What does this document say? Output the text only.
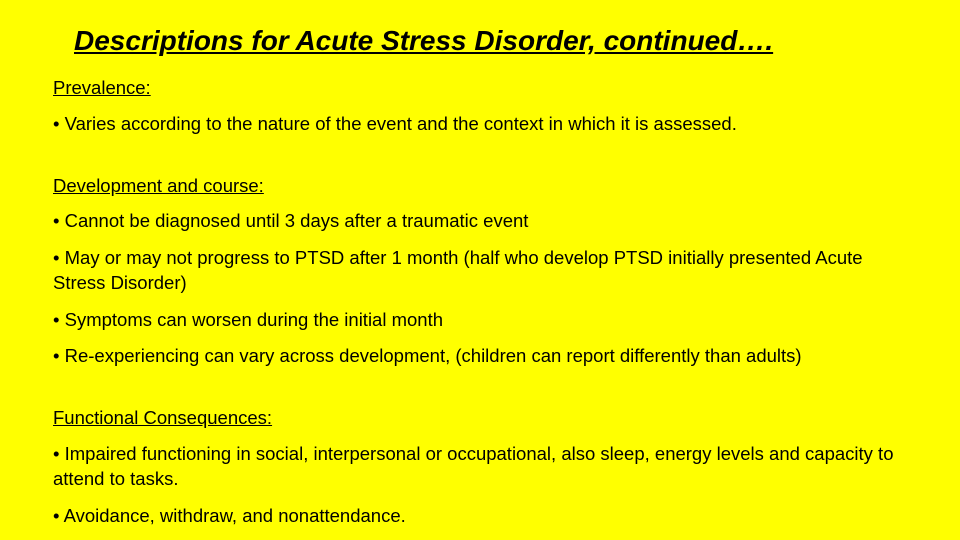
Descriptions for Acute Stress Disorder, continued….

Prevalence:

• Varies according to the nature of the event and the context in which it is assessed.

Development and course:

• Cannot be diagnosed until 3 days after a traumatic event

• May or may not progress to PTSD after 1 month (half who develop PTSD initially presented Acute Stress Disorder)

• Symptoms can worsen during the initial month

• Re-experiencing can vary across development, (children can report differently than adults)

Functional Consequences:

• Impaired functioning in social, interpersonal or occupational, also sleep, energy levels and capacity to attend to tasks.

• Avoidance, withdraw, and nonattendance.
